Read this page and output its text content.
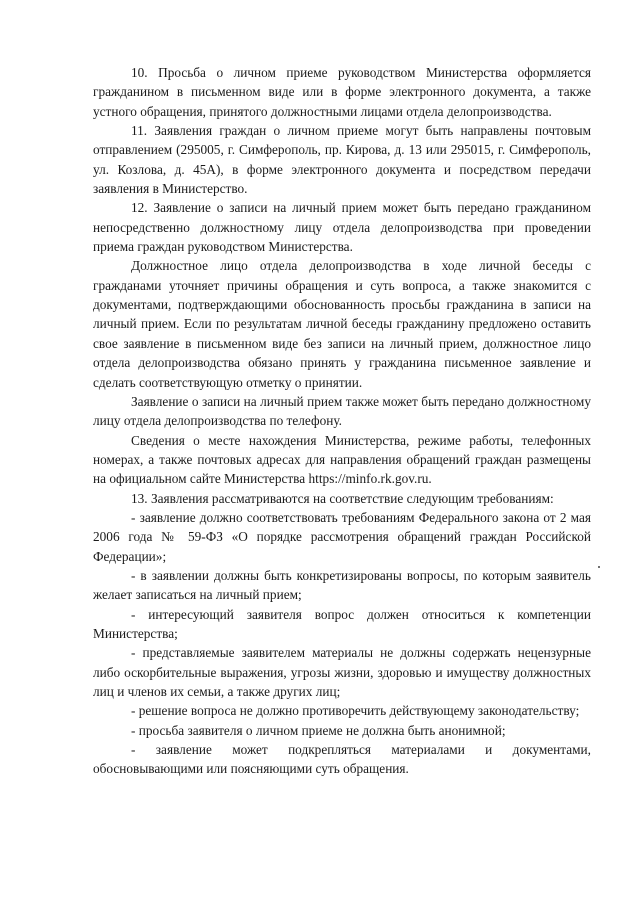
10. Просьба о личном приеме руководством Министерства оформляется гражданином в письменном виде или в форме электронного документа, а также устного обращения, принятого должностными лицами отдела делопроизводства.

11. Заявления граждан о личном приеме могут быть направлены почтовым отправлением (295005, г. Симферополь, пр. Кирова, д. 13 или 295015, г. Симферополь, ул. Козлова, д. 45А), в форме электронного документа и посредством передачи заявления в Министерство.

12. Заявление о записи на личный прием может быть передано гражданином непосредственно должностному лицу отдела делопроизводства при проведении приема граждан руководством Министерства.

Должностное лицо отдела делопроизводства в ходе личной беседы с гражданами уточняет причины обращения и суть вопроса, а также знакомится с документами, подтверждающими обоснованность просьбы гражданина в записи на личный прием. Если по результатам личной беседы гражданину предложено оставить свое заявление в письменном виде без записи на личный прием, должностное лицо отдела делопроизводства обязано принять у гражданина письменное заявление и сделать соответствующую отметку о принятии.

Заявление о записи на личный прием также может быть передано должностному лицу отдела делопроизводства по телефону.

Сведения о месте нахождения Министерства, режиме работы, телефонных номерах, а также почтовых адресах для направления обращений граждан размещены на официальном сайте Министерства https://minfo.rk.gov.ru.

13. Заявления рассматриваются на соответствие следующим требованиям:

- заявление должно соответствовать требованиям Федерального закона от 2 мая 2006 года № 59-ФЗ «О порядке рассмотрения обращений граждан Российской Федерации»;

- в заявлении должны быть конкретизированы вопросы, по которым заявитель желает записаться на личный прием;

- интересующий заявителя вопрос должен относиться к компетенции Министерства;

- представляемые заявителем материалы не должны содержать нецензурные либо оскорбительные выражения, угрозы жизни, здоровью и имуществу должностных лиц и членов их семьи, а также других лиц;

- решение вопроса не должно противоречить действующему законодательству;

- просьба заявителя о личном приеме не должна быть анонимной;

- заявление может подкрепляться материалами и документами, обосновывающими или поясняющими суть обращения.
